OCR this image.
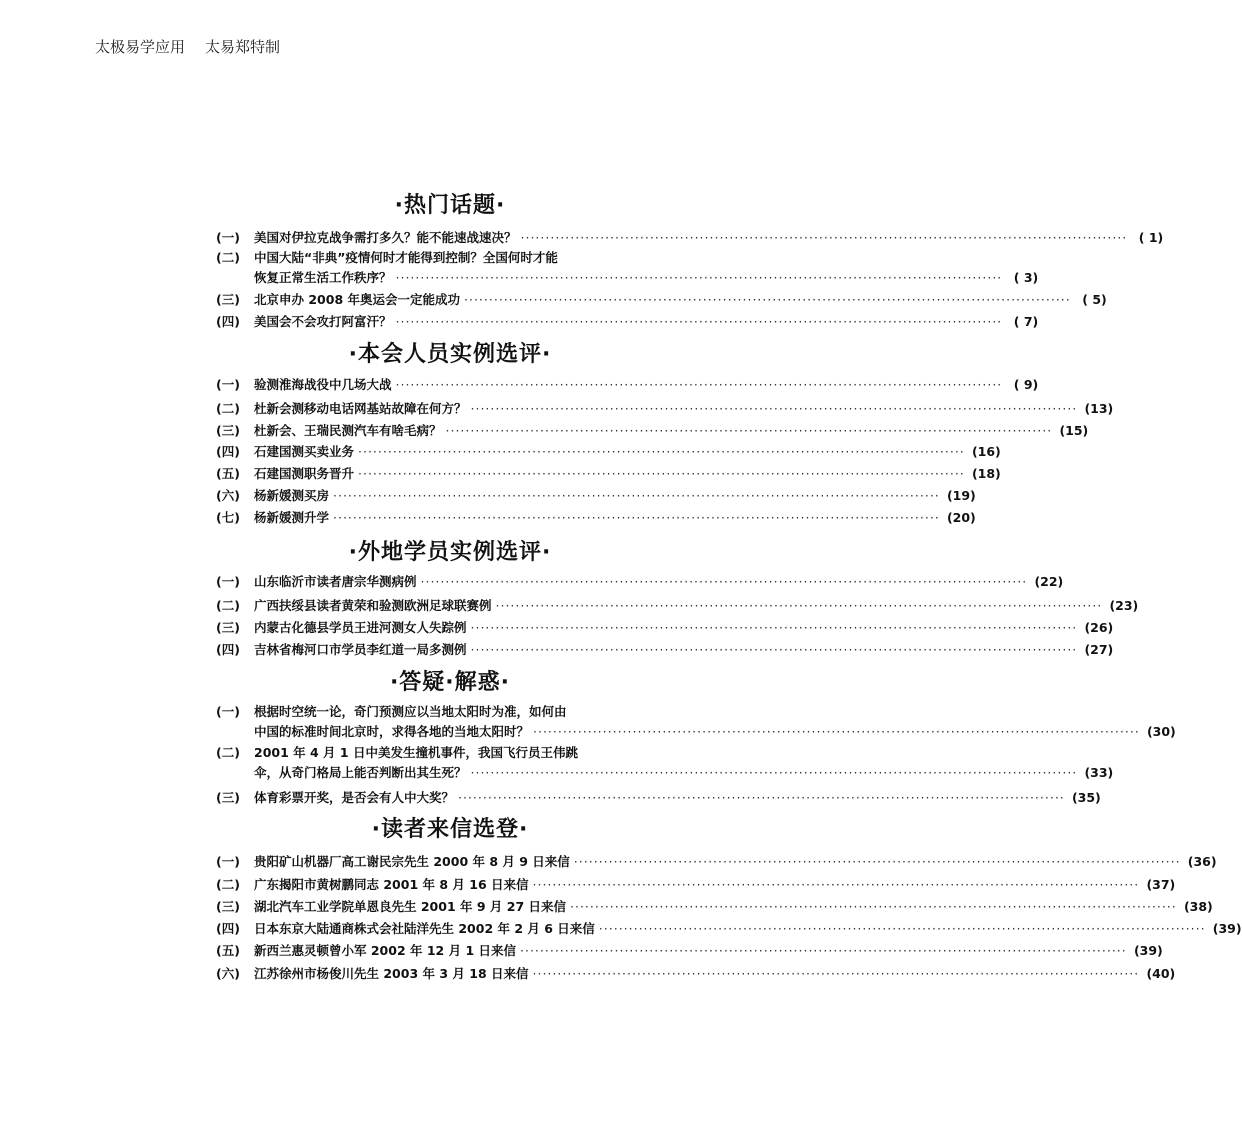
太极易学应用 太易郑特制
·热门话题·
(一)	美国对伊拉克战争需打多久？能不能速战速决？ ·····	( 1)
(二)	中国大陆“非典”疫情何时才能得到控制？全国何时才能
恢复正常生活工作秩序？ ·····	( 3)
(三)	北京申办 2008 年奥运会一定能成功 ·····	( 5)
(四)	美国会不会攻打阿富汗？ ·····	( 7)
·本会人员实例选评·
(一)	验测淮海战役中几场大战 ·····	( 9)
(二)	杜新会测移动电话网基站故障在何方？ ·····	(13)
(三)	杜新会、王瑞民测汽车有啥毛病？ ·····	(15)
(四)	石建国测买卖业务 ·····	(16)
(五)	石建国测职务晋升 ·····	(18)
(六)	杨新媛测买房 ·····	(19)
(七)	杨新媛测升学 ·····	(20)
·外地学员实例选评·
(一)	山东临沂市读者唐宗华测病例 ·····	(22)
(二)	广西扶绥县读者黄荣和验测欧洲足球联赛例 ·····	(23)
(三)	内蒙古化德县学员王进河测女人失踪例 ·····	(26)
(四)	吉林省梅河口市学员李红道一局多测例 ·····	(27)
·答疑·解惑·
(一)	根据时空统一论，奇门预测应以当地太阳时为准，如何由
中国的标准时间北京时，求得各地的当地太阳时？ ·····	(30)
(二)	2001 年 4 月 1 日中美发生撞机事件，我国飞行员王伟跳
伞，从奇门格局上能否判断出其生死？ ·····	(33)
(三)	体育彩票开奖，是否会有人中大奖？ ·····	(35)
·读者来信选登·
(一)	贵阳矿山机器厂高工谢民宗先生 2000 年 8 月 9 日来信 ·····	(36)
(二)	广东揭阳市黄树鹏同志 2001 年 8 月 16 日来信 ·····	(37)
(三)	湖北汽车工业学院单恩良先生 2001 年 9 月 27 日来信 ·····	(38)
(四)	日本东京大陆通商株式会社陆洋先生 2002 年 2 月 6 日来信 ·····	(39)
(五)	新西兰惠灵顿曾小军 2002 年 12 月 1 日来信 ·····	(39)
(六)	江苏徐州市杨俊川先生 2003 年 3 月 18 日来信 ·····	(40)
